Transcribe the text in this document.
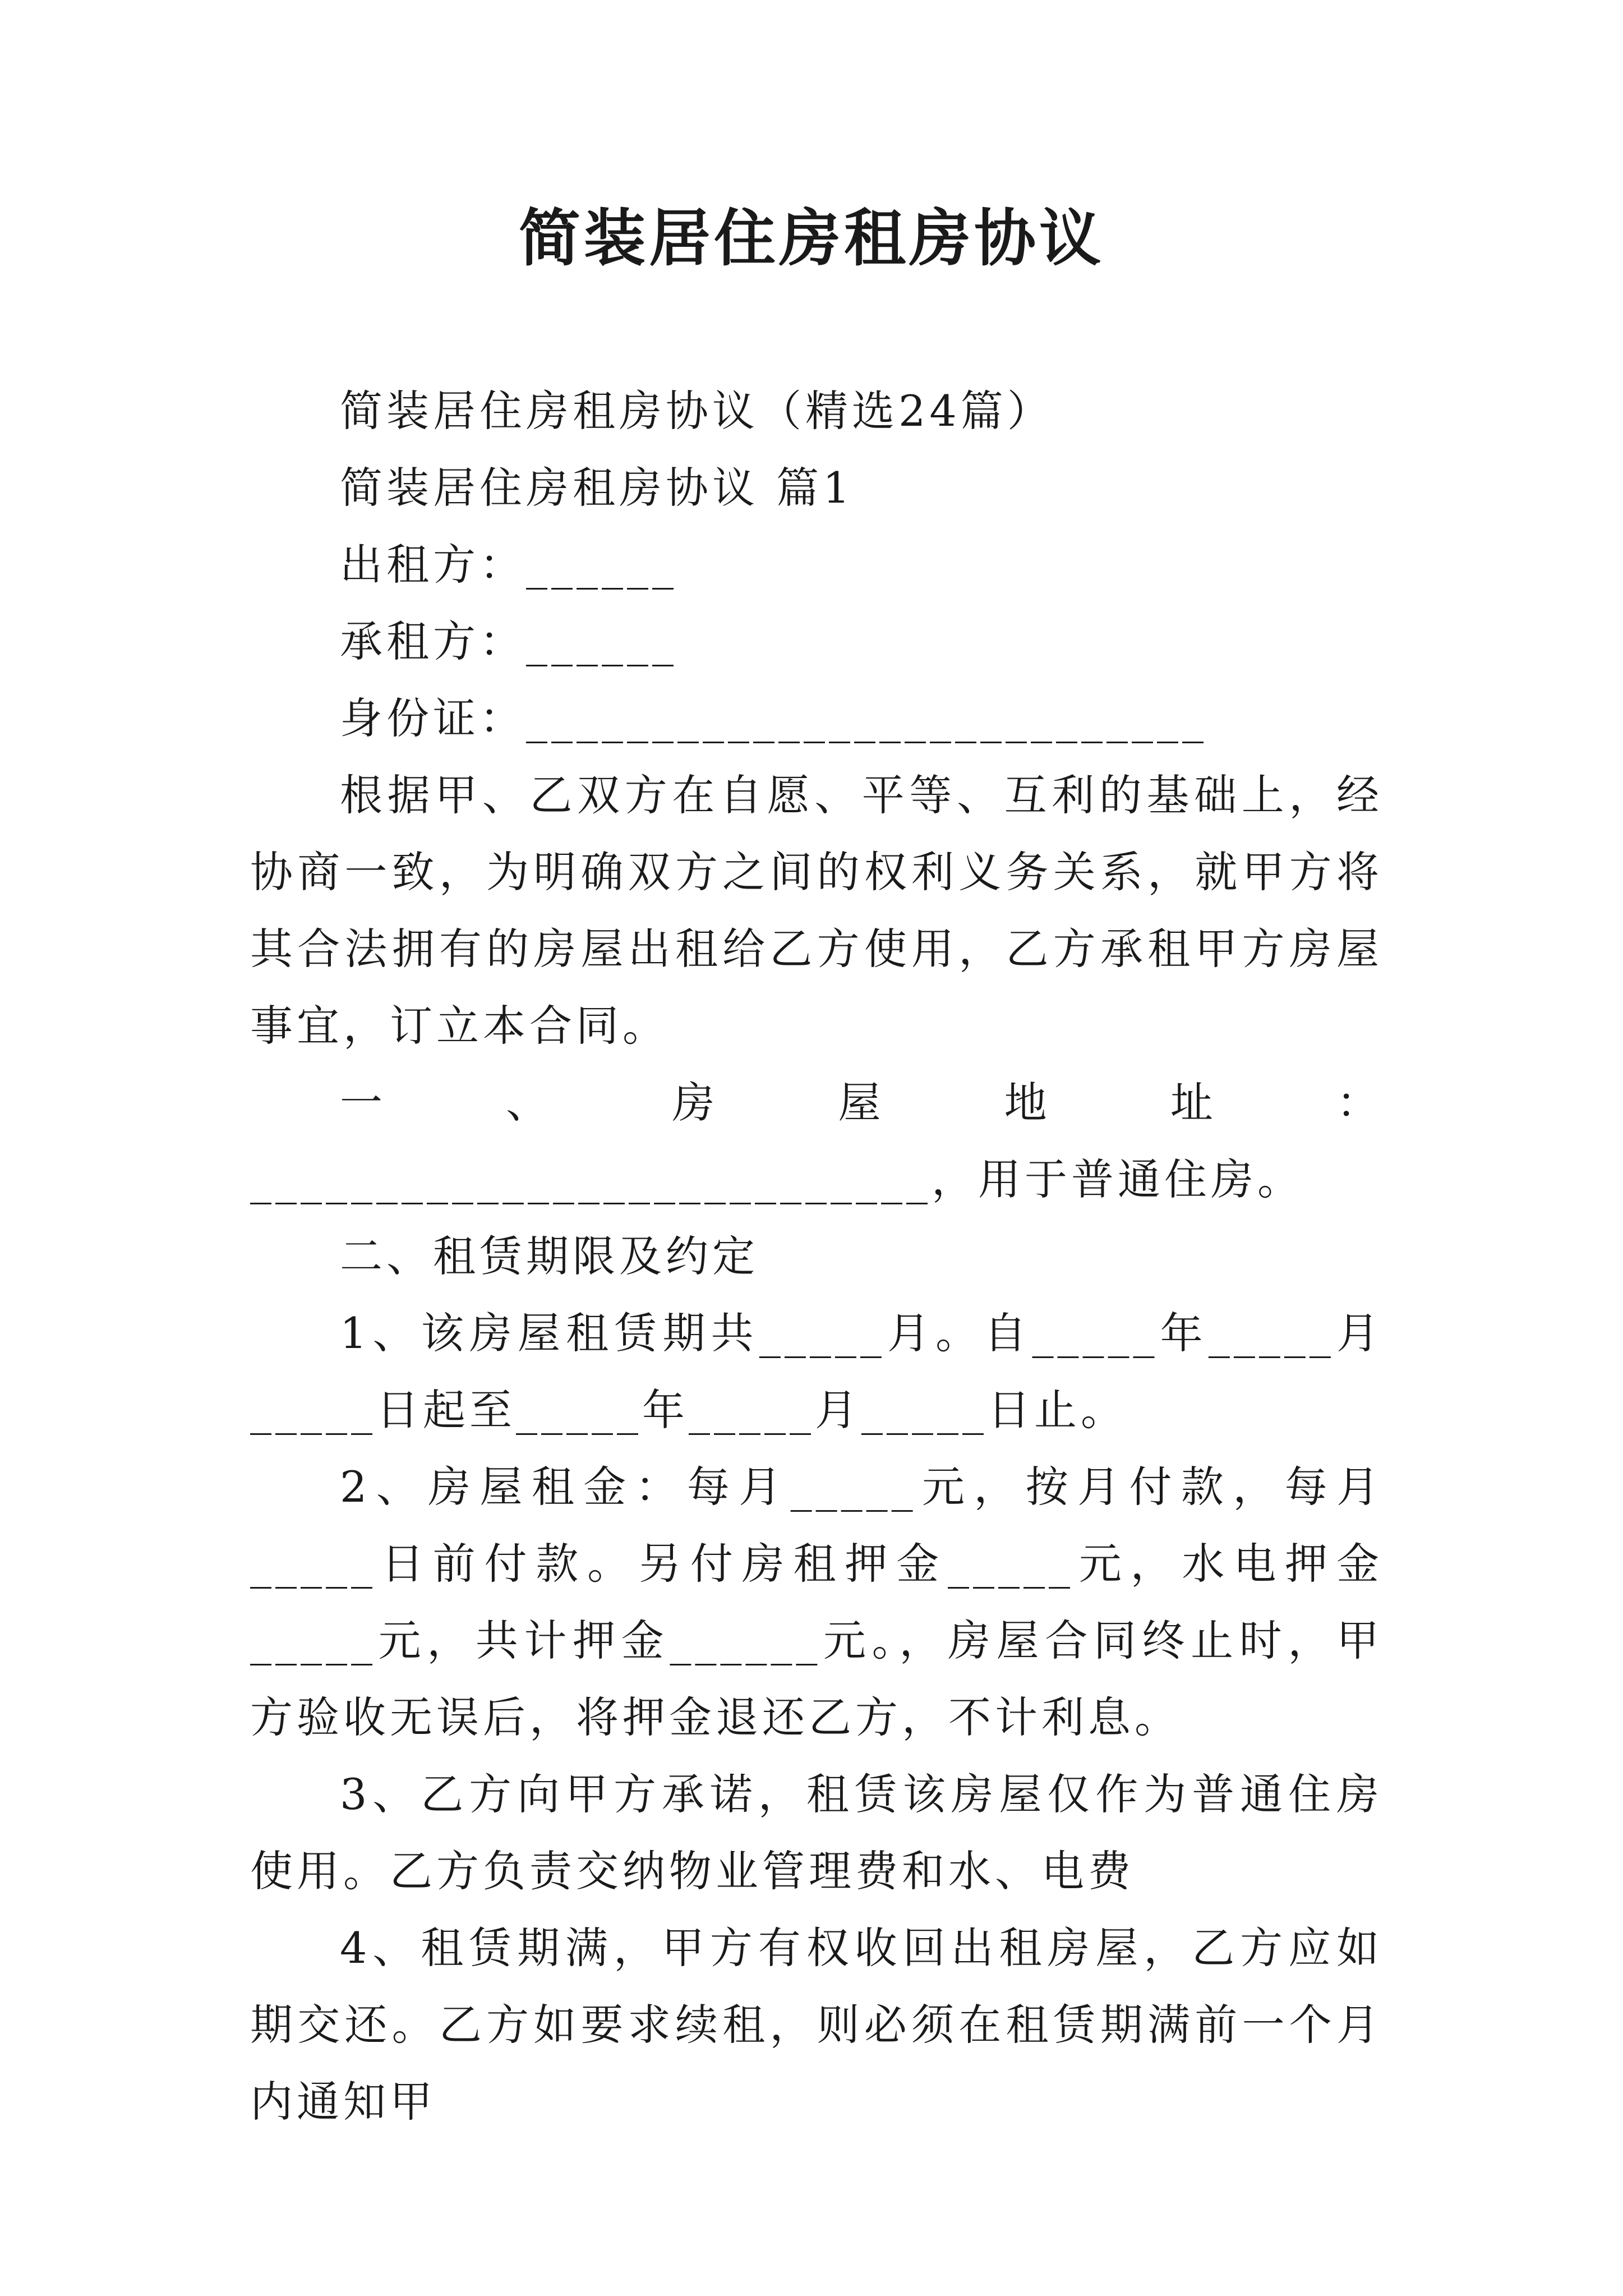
简装居住房租房协议

简装居住房租房协议（精选24篇）

简装居住房租房协议 篇1

出租方：______

承租方：______

身份证：___________________________

根据甲、乙双方在自愿、平等、互利的基础上，经协商一致，为明确双方之间的权利义务关系，就甲方将其合法拥有的房屋出租给乙方使用，乙方承租甲方房屋事宜，订立本合同。

一、房屋地址：___________________________，用于普通住房。

二、租赁期限及约定

1、该房屋租赁期共_____月。自_____年_____月_____日起至_____年_____月_____日止。

2、房屋租金：每月_____元，按月付款，每月_____日前付款。另付房租押金_____元，水电押金_____元，共计押金______元。，房屋合同终止时，甲方验收无误后，将押金退还乙方，不计利息。

3、乙方向甲方承诺，租赁该房屋仅作为普通住房使用。乙方负责交纳物业管理费和水、电费

4、租赁期满，甲方有权收回出租房屋，乙方应如期交还。乙方如要求续租，则必须在租赁期满前一个月内通知甲
